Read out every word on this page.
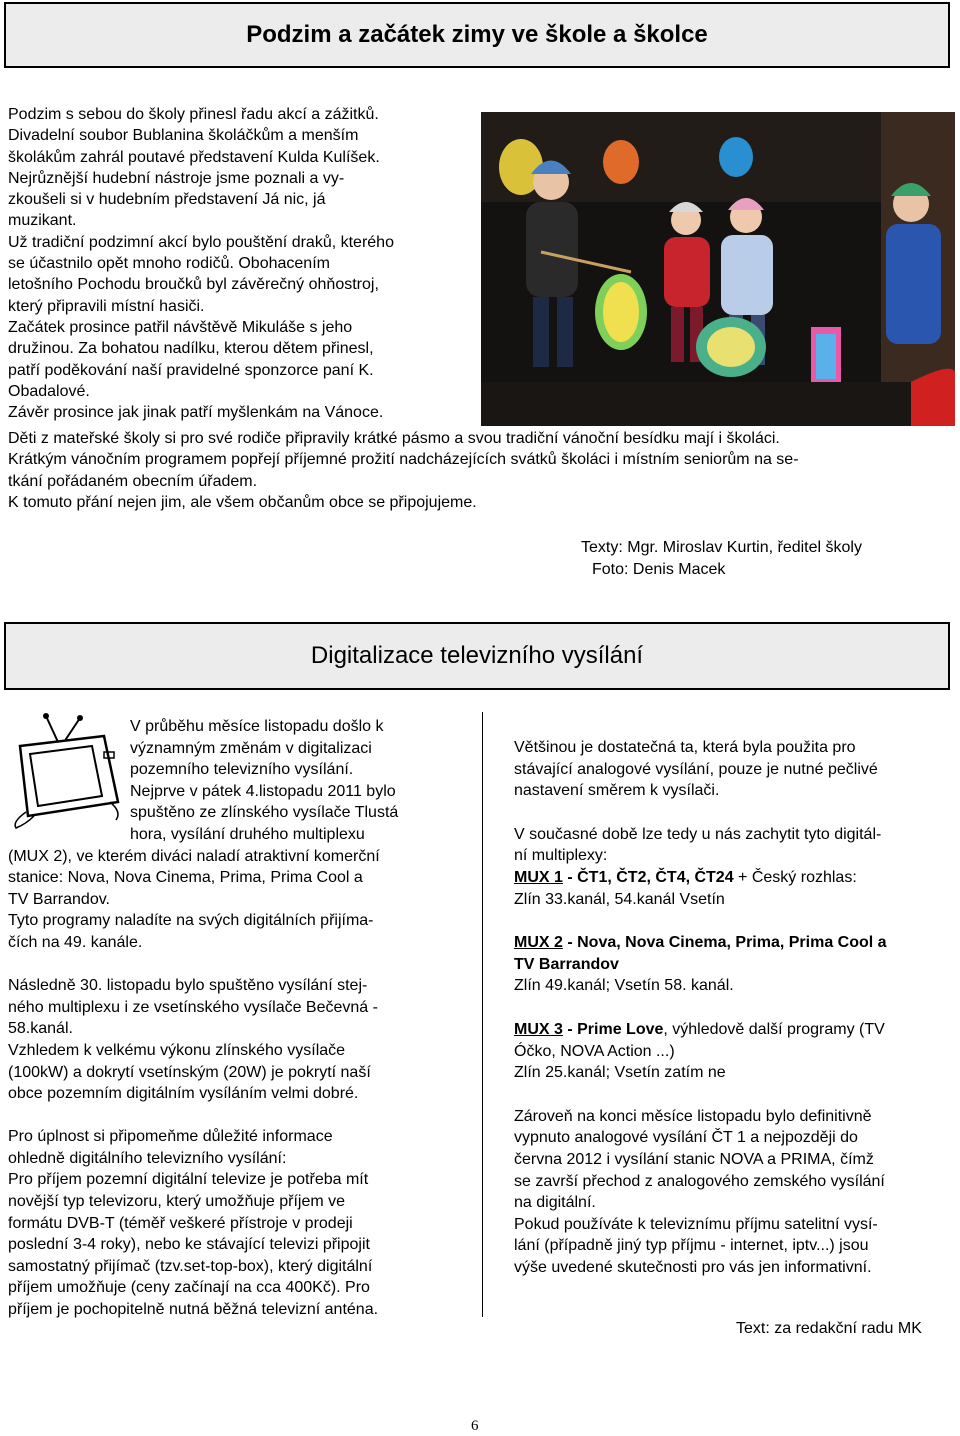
Podzim a začátek zimy ve škole a školce
Podzim s sebou do školy přinesl řadu akcí a zážitků.
Divadelní soubor Bublanina školáčkům a menším
školákům zahrál poutavé představení Kulda Kulíšek.
Nejrůznější hudební nástroje jsme poznali a vy-
zkoušeli si v hudebním představení Já nic, já
muzikant.
Už tradiční podzimní akcí bylo pouštění draků, kterého
se účastnilo opět mnoho rodičů. Obohacením
letošního Pochodu broučků byl závěrečný ohňostroj,
který připravili místní hasiči.
Začátek prosince patřil návštěvě Mikuláše s jeho
družinou. Za bohatou nadílku, kterou dětem přinesl,
patří poděkování naší pravidelné sponzorce paní K.
Obadalové.
Závěr prosince jak jinak patří myšlenkám na Vánoce.
Děti z mateřské školy si pro své rodiče připravily krátké pásmo a svou tradiční vánoční besídku mají i školáci.
Krátkým vánočním programem popřejí příjemné prožití nadcházejících svátků školáci i místním seniorům na se-
tkání pořádaném obecním úřadem.
K tomuto přání nejen jim, ale všem občanům obce se připojujeme.
Texty: Mgr. Miroslav Kurtin, ředitel školy
Foto: Denis Macek
Digitalizace televizního vysílání
V průběhu měsíce listopadu došlo k
významným změnám v digitalizaci
pozemního televizního vysílání.
Nejprve v pátek 4.listopadu 2011 bylo
spuštěno ze zlínského vysílače Tlustá
hora, vysílání druhého multiplexu
(MUX 2), ve kterém diváci naladí atraktivní komerční
stanice: Nova, Nova Cinema, Prima, Prima Cool a
TV Barrandov.
Tyto programy naladíte na svých digitálních přijíma-
čích na 49. kanále.
Následně 30. listopadu bylo spuštěno vysílání stej-
ného multiplexu i ze vsetínského vysílače Bečevná -
58.kanál.
Vzhledem k velkému výkonu zlínského vysílače
(100kW) a dokrytí vsetínským (20W) je pokrytí naší
obce pozemním digitálním vysíláním velmi dobré.
Pro úplnost si připomeňme důležité informace
ohledně digitálního televizního vysílání:
Pro příjem pozemní digitální televize je potřeba mít
novější typ televizoru, který umožňuje příjem ve
formátu DVB-T (téměř veškeré přístroje v prodeji
poslední 3-4 roky), nebo ke stávající televizi připojit
samostatný přijímač (tzv.set-top-box), který digitální
příjem umožňuje (ceny začínají na cca 400Kč). Pro
příjem je pochopitelně nutná běžná televizní anténa.
Většinou je dostatečná ta, která byla použita pro
stávající analogové vysílání, pouze je nutné pečlivé
nastavení směrem k vysílači.
V současné době lze tedy u nás zachytit tyto digitál-
ní multiplexy:
MUX 1 - ČT1, ČT2, ČT4, ČT24 + Český rozhlas:
Zlín 33.kanál, 54.kanál Vsetín
MUX 2 - Nova, Nova Cinema, Prima, Prima Cool a
TV Barrandov
Zlín 49.kanál; Vsetín 58. kanál.
MUX 3 - Prime Love, výhledově další programy (TV
Óčko, NOVA Action ...)
Zlín 25.kanál; Vsetín zatím ne
Zároveň na konci měsíce listopadu bylo definitivně
vypnuto analogové vysílání ČT 1 a nejpozději do
června 2012 i vysílání stanic NOVA a PRIMA, čímž
se završí přechod z analogového zemského vysílání
na digitální.
Pokud používáte k televiznímu příjmu satelitní vysí-
lání (případně jiný typ příjmu - internet, iptv...) jsou
výše uvedené skutečnosti pro vás jen informativní.
Text: za redakční radu MK
6
